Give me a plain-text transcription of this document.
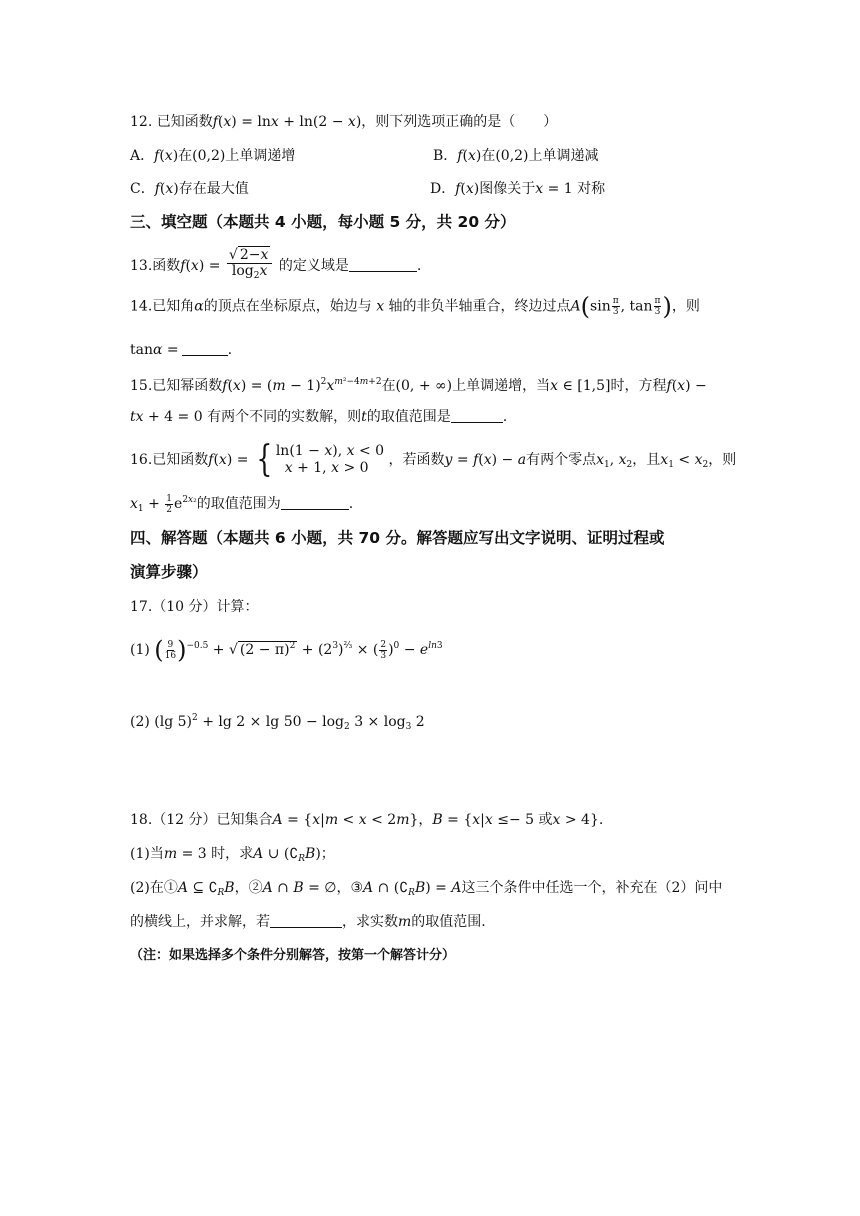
12. 已知函数f(x) = lnx + ln(2 − x)，则下列选项正确的是（　　）
A．f(x)在(0,2)上单调递增	B．f(x)在(0,2)上单调递减
C．f(x)存在最大值	D．f(x)图像关于x = 1 对称
三、填空题（本题共 4 小题，每小题 5 分，共 20 分）
13.函数$f(x) = \frac{√ 2-x}{\log_2x}$ 的定义域是	.
14.已知角α的顶点在坐标原点，始边与 x 轴的非负半轴重合，终边过点$A(\sin \frac{\pi}{3}$ , $\tan \frac{\pi}{3}$ )，则
tanα =	.
15.已知幂函数$f(x) = (m - 1)^2x^{m^2-4m+2}$在(0, + ∞)上单调递增，当x ∈ [1,5]时，方程f(x) −
tx + 4 = 0 有两个不同的实数解，则t的取值范围是	.
16.已知函数f(x) = { ln(1 − x), x < 0
x + 1, x > 0	，若函数y = f(x) − a有两个零点$x_1$, $x_2$，且$x_1 < x_2$，则
$x_1 + \frac{1}{2} e^{2x_2}$的取值范围为	.
四、解答题（本题共 6 小题，共 70 分。解答题应写出文字说明、证明过程或
演算步骤）
17.（10 分）计算：
(1) ( $\frac{9}{16} )^{-0.5}$ + √ $(2 - \pi)^2 + (2^3)^{\frac{2}{3}}$ × ( $\frac{2}{3} )^0 - e^{ln3}$
(2) (lg $5)^2 + \lg 2 \times \lg 50 - \log_2 3 \times \log_3 2$
18.（12 分）已知集合A = {x|m < x < 2m}，B = {x|x ≤− 5 或x > 4}.
(1)当m = 3 时，求A ∪ $(∁_RB)$；
(2)在①A ⊆ $∁_RB$，②A ∩ B = ∅，③A ∩ $(∁_RB) = A$这三个条件中任选一个，补充在（2）问中
的横线上，并求解，若	，求实数m的取值范围.
（注：如果选择多个条件分别解答，按第一个解答计分）
